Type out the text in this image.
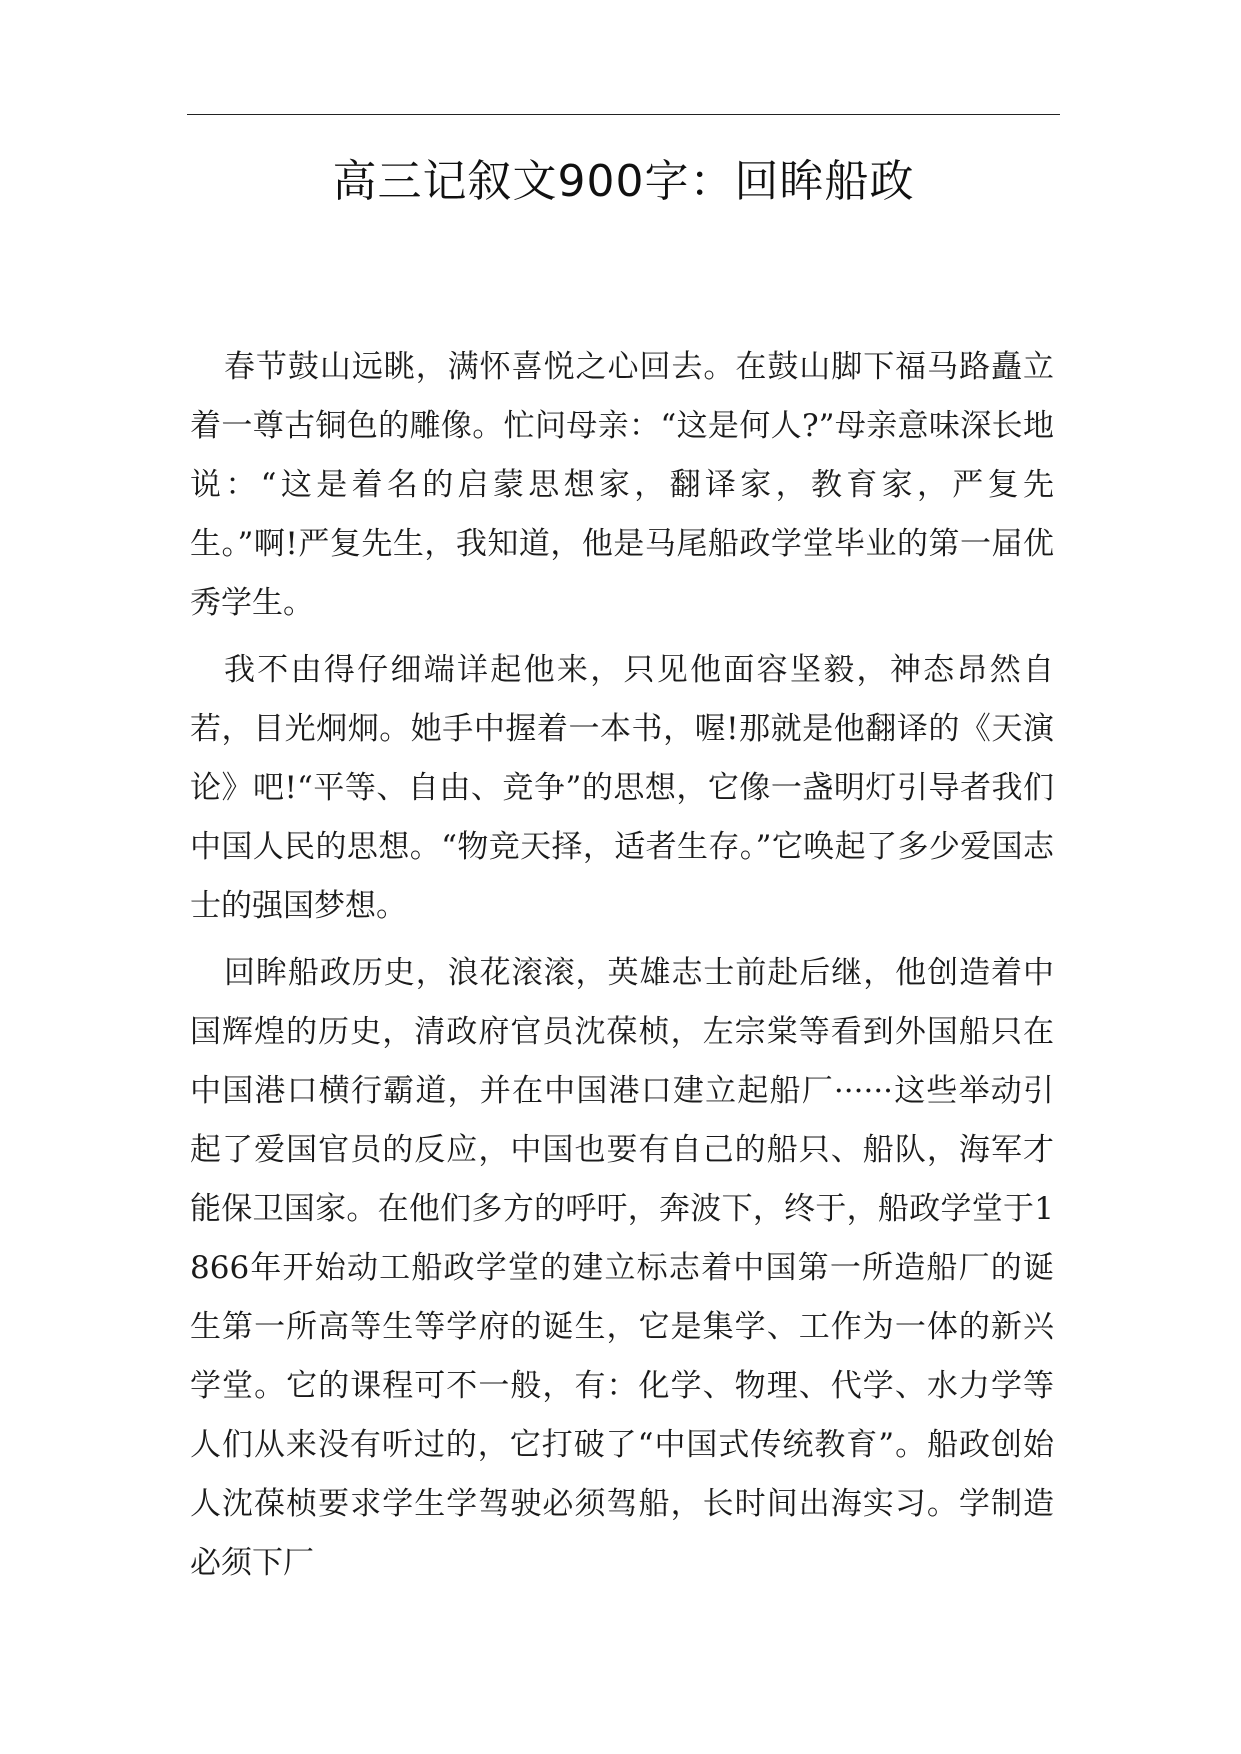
高三记叙文900字：回眸船政

春节鼓山远眺，满怀喜悦之心回去。在鼓山脚下福马路矗立着一尊古铜色的雕像。忙问母亲：“这是何人?”母亲意味深长地说：“这是着名的启蒙思想家，翻译家，教育家，严复先生。”啊!严复先生，我知道，他是马尾船政学堂毕业的第一届优秀学生。

我不由得仔细端详起他来，只见他面容坚毅，神态昂然自若，目光炯炯。她手中握着一本书，喔!那就是他翻译的《天演论》吧!“平等、自由、竞争”的思想，它像一盏明灯引导者我们中国人民的思想。“物竞天择，适者生存。”它唤起了多少爱国志士的强国梦想。

回眸船政历史，浪花滚滚，英雄志士前赴后继，他创造着中国辉煌的历史，清政府官员沈葆桢，左宗棠等看到外国船只在中国港口横行霸道，并在中国港口建立起船厂······这些举动引起了爱国官员的反应，中国也要有自己的船只、船队，海军才能保卫国家。在他们多方的呼吁，奔波下，终于，船政学堂于1866年开始动工船政学堂的建立标志着中国第一所造船厂的诞生第一所高等生等学府的诞生，它是集学、工作为一体的新兴学堂。它的课程可不一般，有：化学、物理、代学、水力学等人们从来没有听过的，它打破了“中国式传统教育”。船政创始人沈葆桢要求学生学驾驶必须驾船，长时间出海实习。学制造必须下厂
